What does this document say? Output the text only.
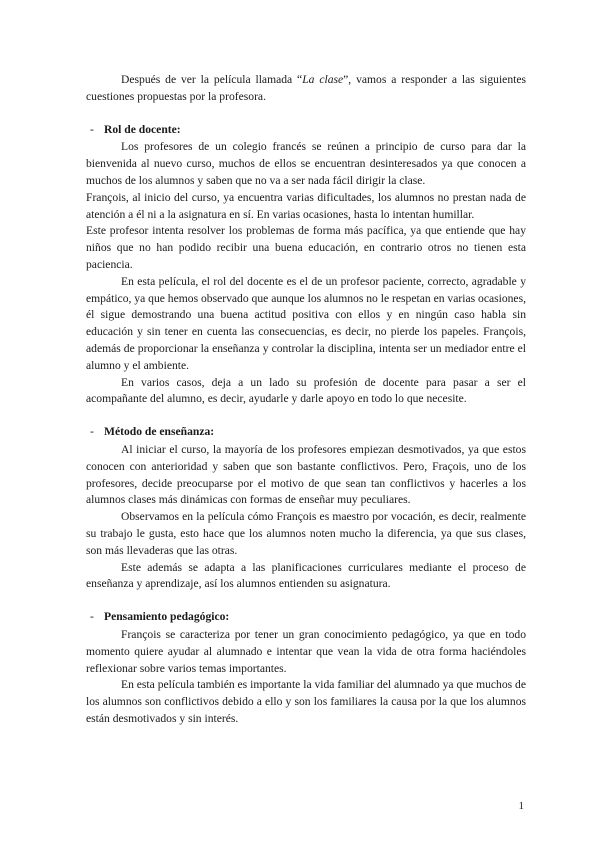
Después de ver la película llamada “La clase”, vamos a responder a las siguientes cuestiones propuestas por la profesora.

- Rol de docente:

Los profesores de un colegio francés se reúnen a principio de curso para dar la bienvenida al nuevo curso, muchos de ellos se encuentran desinteresados ya que conocen a muchos de los alumnos y saben que no va a ser nada fácil dirigir la clase.

François, al inicio del curso, ya encuentra varias dificultades, los alumnos no prestan nada de atención a él ni a la asignatura en sí. En varias ocasiones, hasta lo intentan humillar.

Este profesor intenta resolver los problemas de forma más pacífica, ya que entiende que hay niños que no han podido recibir una buena educación, en contrario otros no tienen esta paciencia.

En esta película, el rol del docente es el de un profesor paciente, correcto, agradable y empático, ya que hemos observado que aunque los alumnos no le respetan en varias ocasiones, él sigue demostrando una buena actitud positiva con ellos y en ningún caso habla sin educación y sin tener en cuenta las consecuencias, es decir, no pierde los papeles. François, además de proporcionar la enseñanza y controlar la disciplina, intenta ser un mediador entre el alumno y el ambiente.

En varios casos, deja a un lado su profesión de docente para pasar a ser el acompañante del alumno, es decir, ayudarle y darle apoyo en todo lo que necesite.

- Método de enseñanza:

Al iniciar el curso, la mayoría de los profesores empiezan desmotivados, ya que estos conocen con anterioridad y saben que son bastante conflictivos. Pero, Fraçois, uno de los profesores, decide preocuparse por el motivo de que sean tan conflictivos y hacerles a los alumnos clases más dinámicas con formas de enseñar muy peculiares.

Observamos en la película cómo François es maestro por vocación, es decir, realmente su trabajo le gusta, esto hace que los alumnos noten mucho la diferencia, ya que sus clases, son más llevaderas que las otras.

Este además se adapta a las planificaciones curriculares mediante el proceso de enseñanza y aprendizaje, así los alumnos entienden su asignatura.

- Pensamiento pedagógico:

François se caracteriza por tener un gran conocimiento pedagógico, ya que en todo momento quiere ayudar al alumnado e intentar que vean la vida de otra forma haciéndoles reflexionar sobre varios temas importantes.

En esta película también es importante la vida familiar del alumnado ya que muchos de los alumnos son conflictivos debido a ello y son los familiares la causa por la que los alumnos están desmotivados y sin interés.

1
